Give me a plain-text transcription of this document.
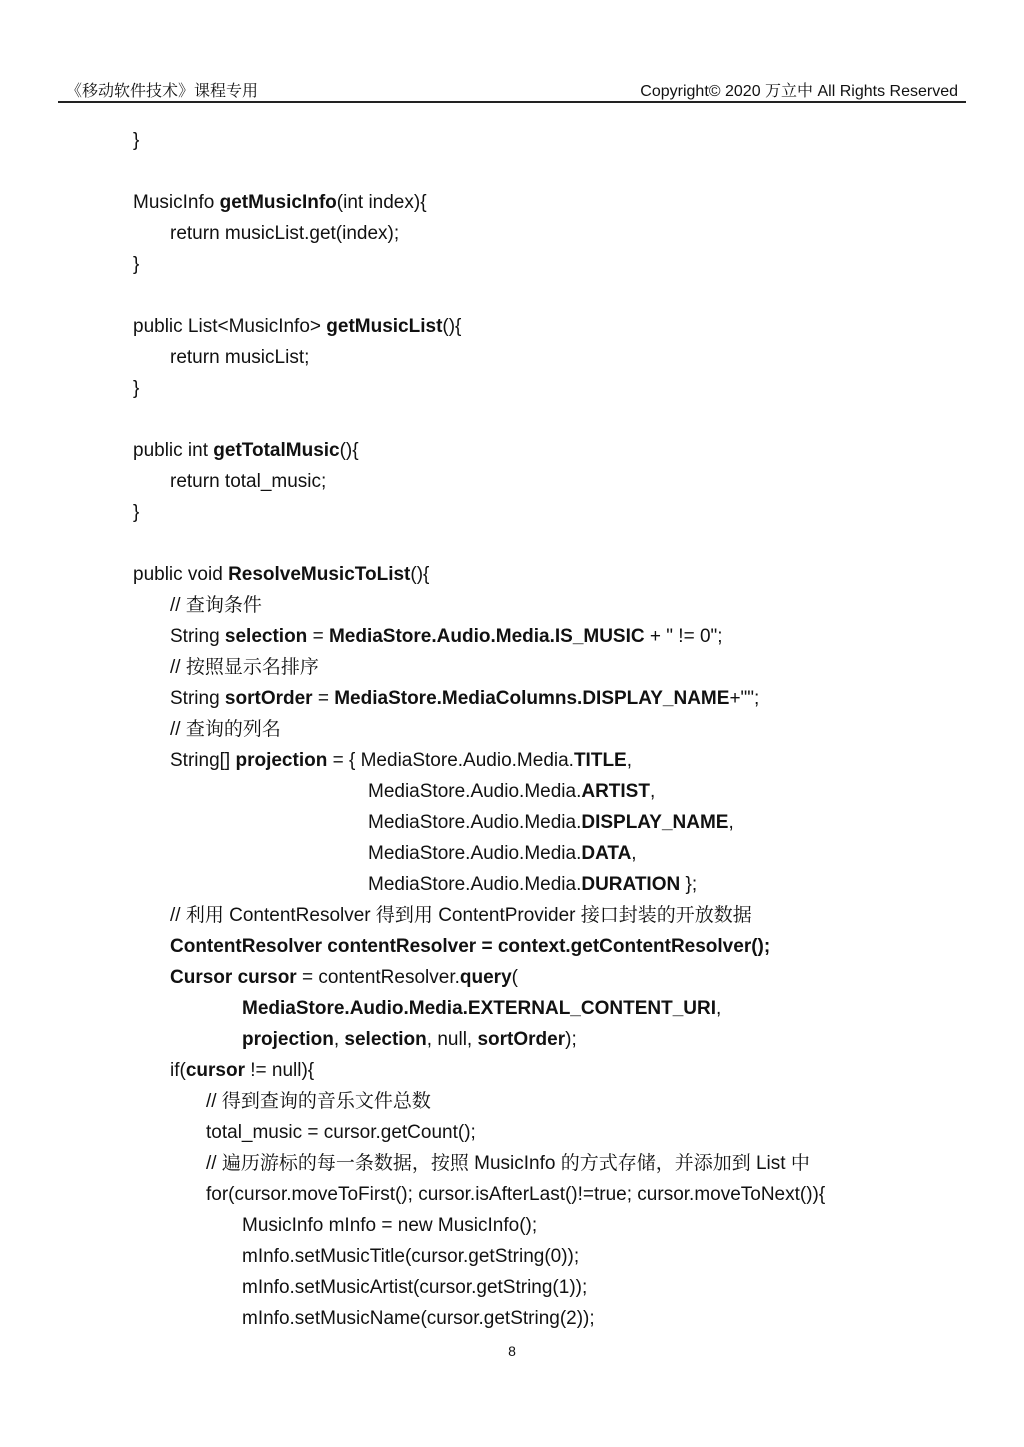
《移动软件技术》课程专用	Copyright© 2020 万立中 All Rights Reserved
}
MusicInfo getMusicInfo(int index){
return musicList.get(index);
}
public List<MusicInfo> getMusicList(){
return musicList;
}
public int getTotalMusic(){
return total_music;
}
public void ResolveMusicToList(){
// 查询条件
String selection = MediaStore.Audio.Media.IS_MUSIC + " != 0";
// 按照显示名排序
String sortOrder = MediaStore.MediaColumns.DISPLAY_NAME+"";
// 查询的列名
String[] projection = { MediaStore.Audio.Media.TITLE,
MediaStore.Audio.Media.ARTIST,
MediaStore.Audio.Media.DISPLAY_NAME,
MediaStore.Audio.Media.DATA,
MediaStore.Audio.Media.DURATION };
// 利用 ContentResolver 得到用 ContentProvider 接口封装的开放数据
ContentResolver contentResolver = context.getContentResolver();
Cursor cursor = contentResolver.query(
MediaStore.Audio.Media.EXTERNAL_CONTENT_URI,
projection, selection, null, sortOrder);
if(cursor != null){
// 得到查询的音乐文件总数
total_music = cursor.getCount();
// 遍历游标的每一条数据，按照 MusicInfo 的方式存储，并添加到 List 中
for(cursor.moveToFirst(); cursor.isAfterLast()!=true; cursor.moveToNext()){
MusicInfo mInfo = new MusicInfo();
mInfo.setMusicTitle(cursor.getString(0));
mInfo.setMusicArtist(cursor.getString(1));
mInfo.setMusicName(cursor.getString(2));
8
